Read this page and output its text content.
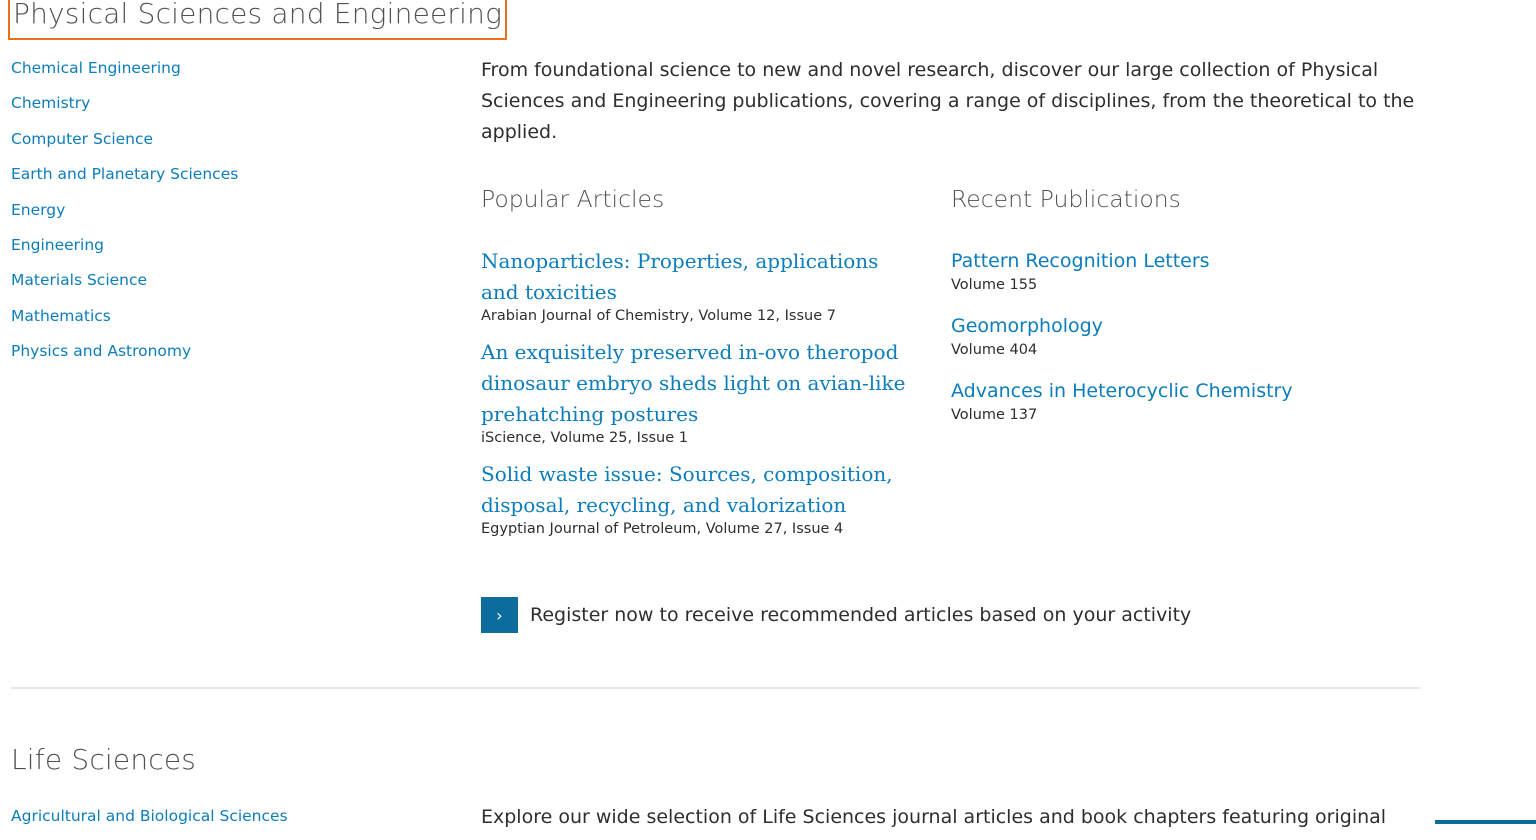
Physical Sciences and Engineering
Chemical Engineering
Chemistry
Computer Science
Earth and Planetary Sciences
Energy
Engineering
Materials Science
Mathematics
Physics and Astronomy

From foundational science to new and novel research, discover our large collection of Physical Sciences and Engineering publications, covering a range of disciplines, from the theoretical to the applied.

Popular Articles
Nanoparticles: Properties, applications and toxicities
Arabian Journal of Chemistry, Volume 12, Issue 7
An exquisitely preserved in-ovo theropod dinosaur embryo sheds light on avian-like prehatching postures
iScience, Volume 25, Issue 1
Solid waste issue: Sources, composition, disposal, recycling, and valorization
Egyptian Journal of Petroleum, Volume 27, Issue 4
Recent Publications
Pattern Recognition Letters
Volume 155
Geomorphology
Volume 404
Advances in Heterocyclic Chemistry
Volume 137
›	Register now to receive recommended articles based on your activity
Life Sciences
Agricultural and Biological Sciences	Explore our wide selection of Life Sciences journal articles and book chapters featuring original
